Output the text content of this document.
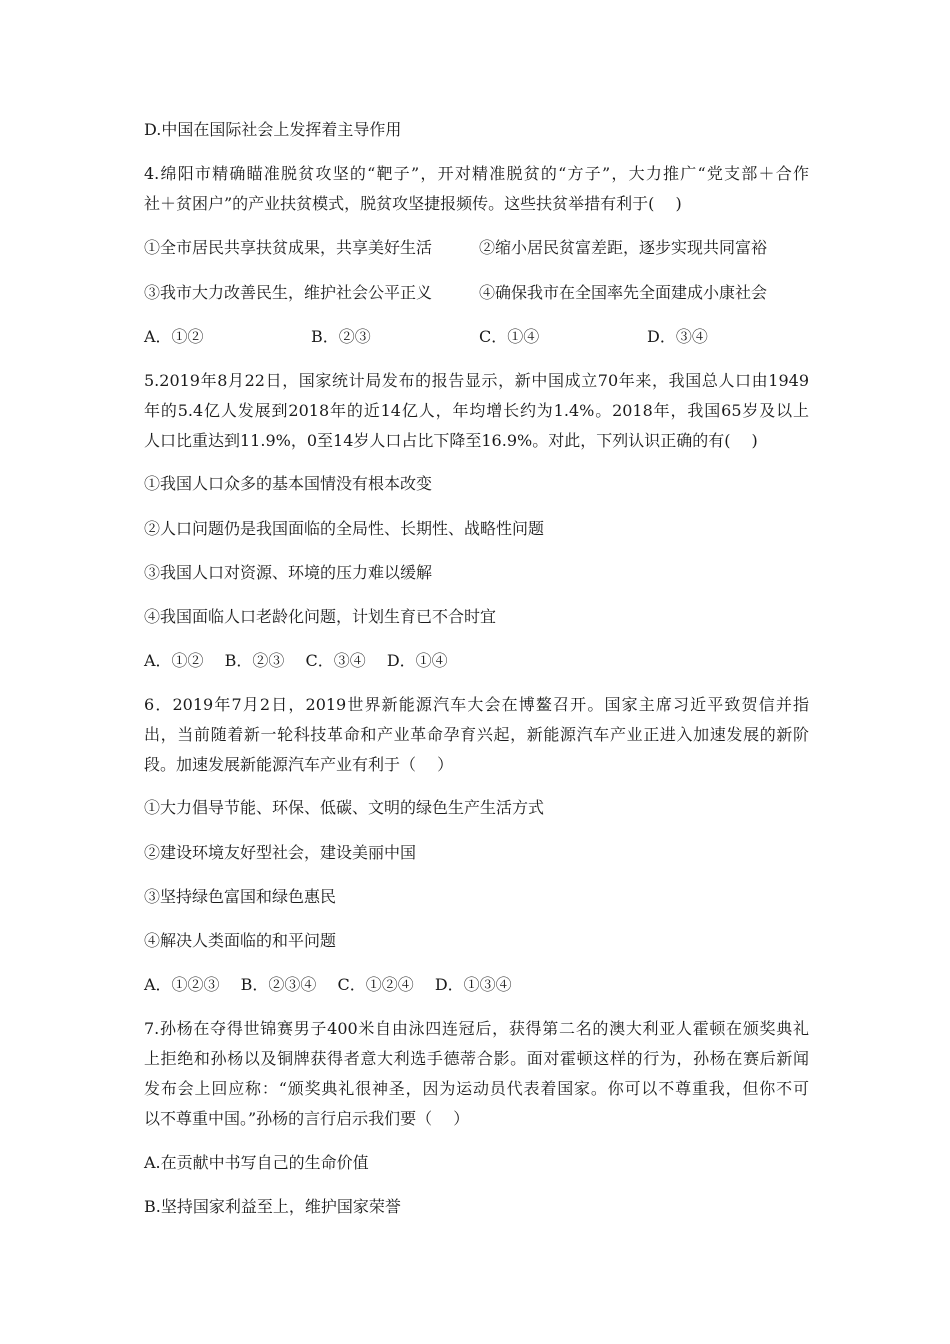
D.中国在国际社会上发挥着主导作用
4.绵阳市精确瞄准脱贫攻坚的“靶子”，开对精准脱贫的“方子”，大力推广“党支部＋合作
社＋贫困户”的产业扶贫模式，脱贫攻坚捷报频传。这些扶贫举措有利于(　 )
①全市居民共享扶贫成果，共享美好生活	②缩小居民贫富差距，逐步实现共同富裕
③我市大力改善民生，维护社会公平正义	④确保我市在全国率先全面建成小康社会
A．①②	B．②③	C．①④	D．③④
5.2019年8月22日，国家统计局发布的报告显示，新中国成立70年来，我国总人口由1949
年的5.4亿人发展到2018年的近14亿人，年均增长约为1.4%。2018年，我国65岁及以上
人口比重达到11.9%，0至14岁人口占比下降至16.9%。对此，下列认识正确的有(　 )
①我国人口众多的基本国情没有根本改变
②人口问题仍是我国面临的全局性、长期性、战略性问题
③我国人口对资源、环境的压力难以缓解
④我国面临人口老龄化问题，计划生育已不合时宜
A．①②　 B．②③　 C．③④　 D．①④
6．2019年7月2日，2019世界新能源汽车大会在博鳌召开。国家主席习近平致贺信并指
出，当前随着新一轮科技革命和产业革命孕育兴起，新能源汽车产业正进入加速发展的新阶
段。加速发展新能源汽车产业有利于（　 ）
①大力倡导节能、环保、低碳、文明的绿色生产生活方式
②建设环境友好型社会，建设美丽中国
③坚持绿色富国和绿色惠民
④解决人类面临的和平问题
A．①②③　 B．②③④　 C．①②④　 D．①③④
7.孙杨在夺得世锦赛男子400米自由泳四连冠后，获得第二名的澳大利亚人霍顿在颁奖典礼
上拒绝和孙杨以及铜牌获得者意大利选手德蒂合影。面对霍顿这样的行为，孙杨在赛后新闻
发布会上回应称：“颁奖典礼很神圣，因为运动员代表着国家。你可以不尊重我，但你不可
以不尊重中国。”孙杨的言行启示我们要（　 ）
A.在贡献中书写自己的生命价值
B.坚持国家利益至上，维护国家荣誉
